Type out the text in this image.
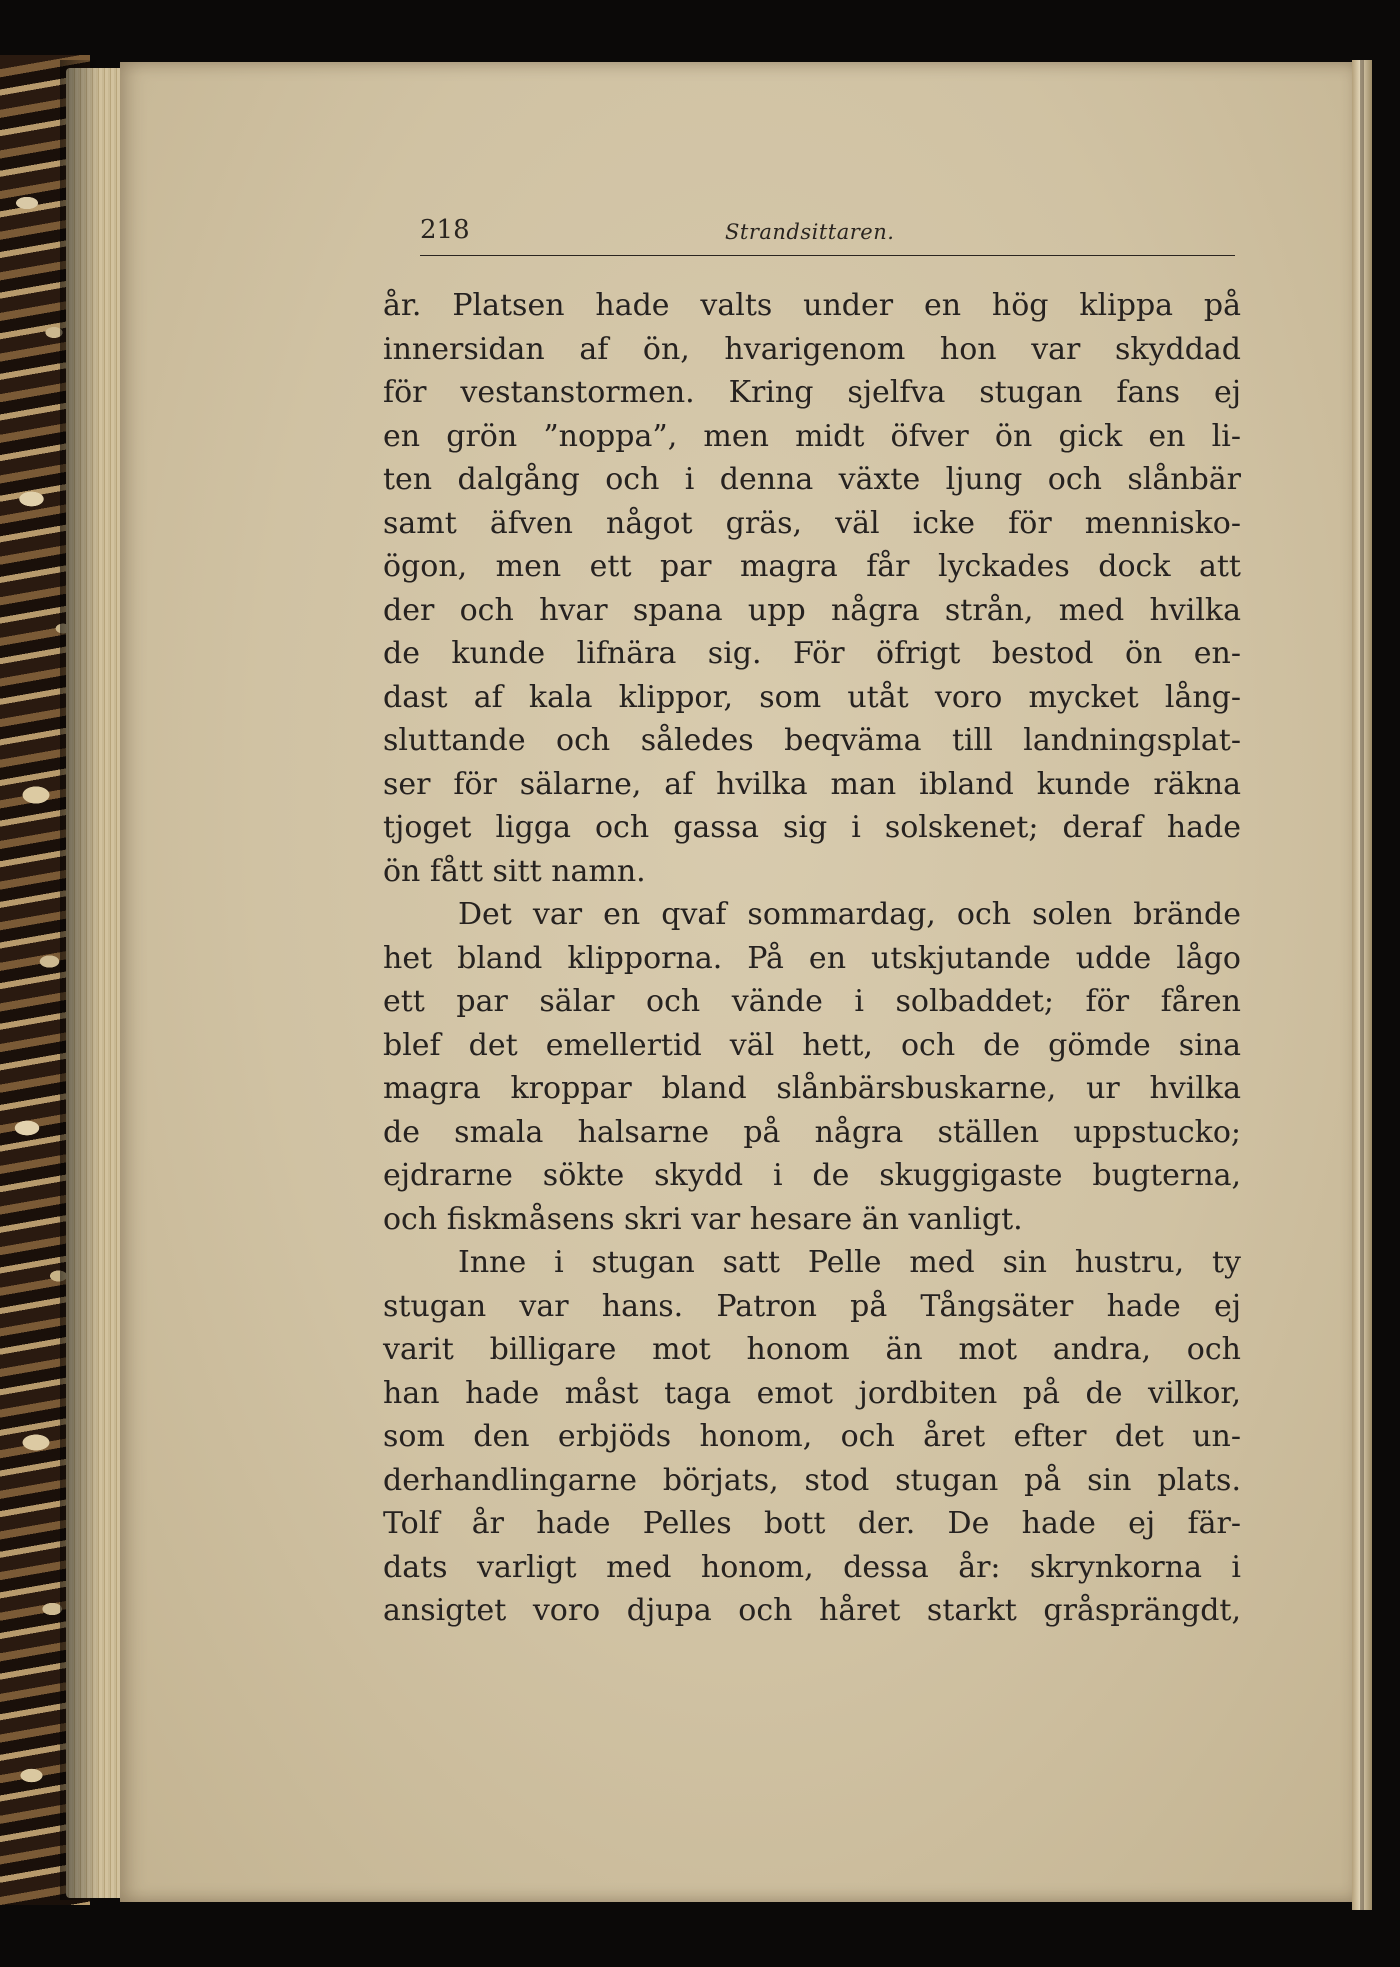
218	Strandsittaren.
år. Platsen hade valts under en hög klippa på
innersidan af ön, hvarigenom hon var skyddad
för vestanstormen. Kring sjelfva stugan fans ej
en grön ”noppa”, men midt öfver ön gick en li-
ten dalgång och i denna växte ljung och slånbär
samt äfven något gräs, väl icke för mennisko-
ögon, men ett par magra får lyckades dock att
der och hvar spana upp några strån, med hvilka
de kunde lifnära sig. För öfrigt bestod ön en-
dast af kala klippor, som utåt voro mycket lång-
sluttande och således beqväma till landningsplat-
ser för sälarne, af hvilka man ibland kunde räkna
tjoget ligga och gassa sig i solskenet; deraf hade
ön fått sitt namn.
Det var en qvaf sommardag, och solen brände
het bland klipporna. På en utskjutande udde lågo
ett par sälar och vände i solbaddet; för fåren
blef det emellertid väl hett, och de gömde sina
magra kroppar bland slånbärsbuskarne, ur hvilka
de smala halsarne på några ställen uppstucko;
ejdrarne sökte skydd i de skuggigaste bugterna,
och fiskmåsens skri var hesare än vanligt.
Inne i stugan satt Pelle med sin hustru, ty
stugan var hans. Patron på Tångsäter hade ej
varit billigare mot honom än mot andra, och
han hade måst taga emot jordbiten på de vilkor,
som den erbjöds honom, och året efter det un-
derhandlingarne börjats, stod stugan på sin plats.
Tolf år hade Pelles bott der. De hade ej fär-
dats varligt med honom, dessa år: skrynkorna i
ansigtet voro djupa och håret starkt gråsprängdt,
